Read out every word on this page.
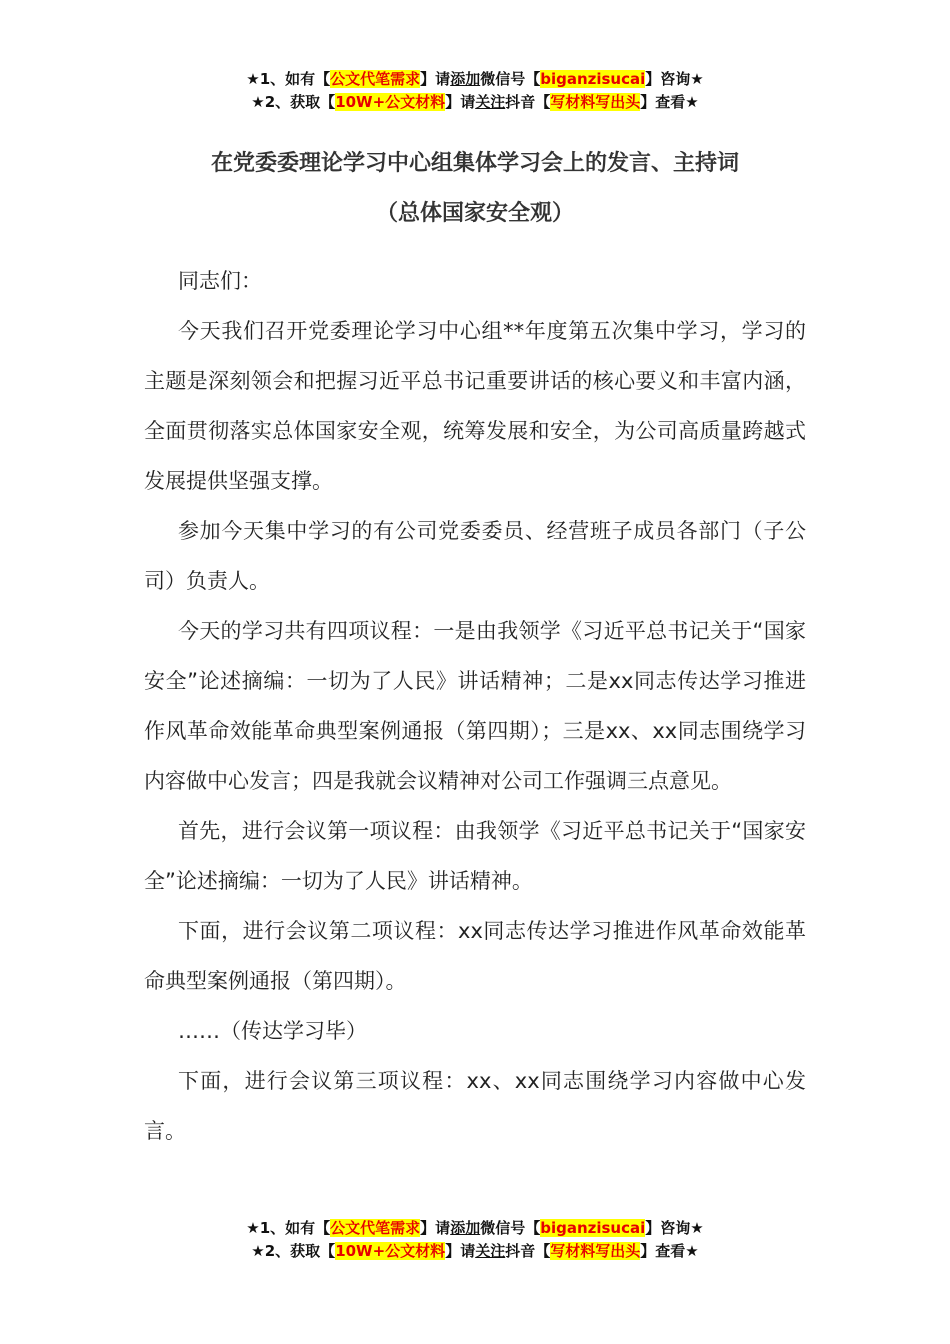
★1、如有【公文代笔需求】请添加微信号【biganzisucai】咨询★
★2、获取【10W+公文材料】请关注抖音【写材料写出头】查看★
在党委委理论学习中心组集体学习会上的发言、主持词
（总体国家安全观）

同志们：

今天我们召开党委理论学习中心组**年度第五次集中学习，学习的主题是深刻领会和把握习近平总书记重要讲话的核心要义和丰富内涵，全面贯彻落实总体国家安全观，统筹发展和安全，为公司高质量跨越式发展提供坚强支撑。

参加今天集中学习的有公司党委委员、经营班子成员各部门（子公司）负责人。

今天的学习共有四项议程：一是由我领学《习近平总书记关于“国家安全”论述摘编：一切为了人民》讲话精神；二是xx同志传达学习推进作风革命效能革命典型案例通报（第四期）；三是xx、xx同志围绕学习内容做中心发言；四是我就会议精神对公司工作强调三点意见。

首先，进行会议第一项议程：由我领学《习近平总书记关于“国家安全”论述摘编：一切为了人民》讲话精神。

下面，进行会议第二项议程：xx同志传达学习推进作风革命效能革命典型案例通报（第四期）。

……（传达学习毕）

下面，进行会议第三项议程：xx、xx同志围绕学习内容做中心发言。

★1、如有【公文代笔需求】请添加微信号【biganzisucai】咨询★
★2、获取【10W+公文材料】请关注抖音【写材料写出头】查看★
